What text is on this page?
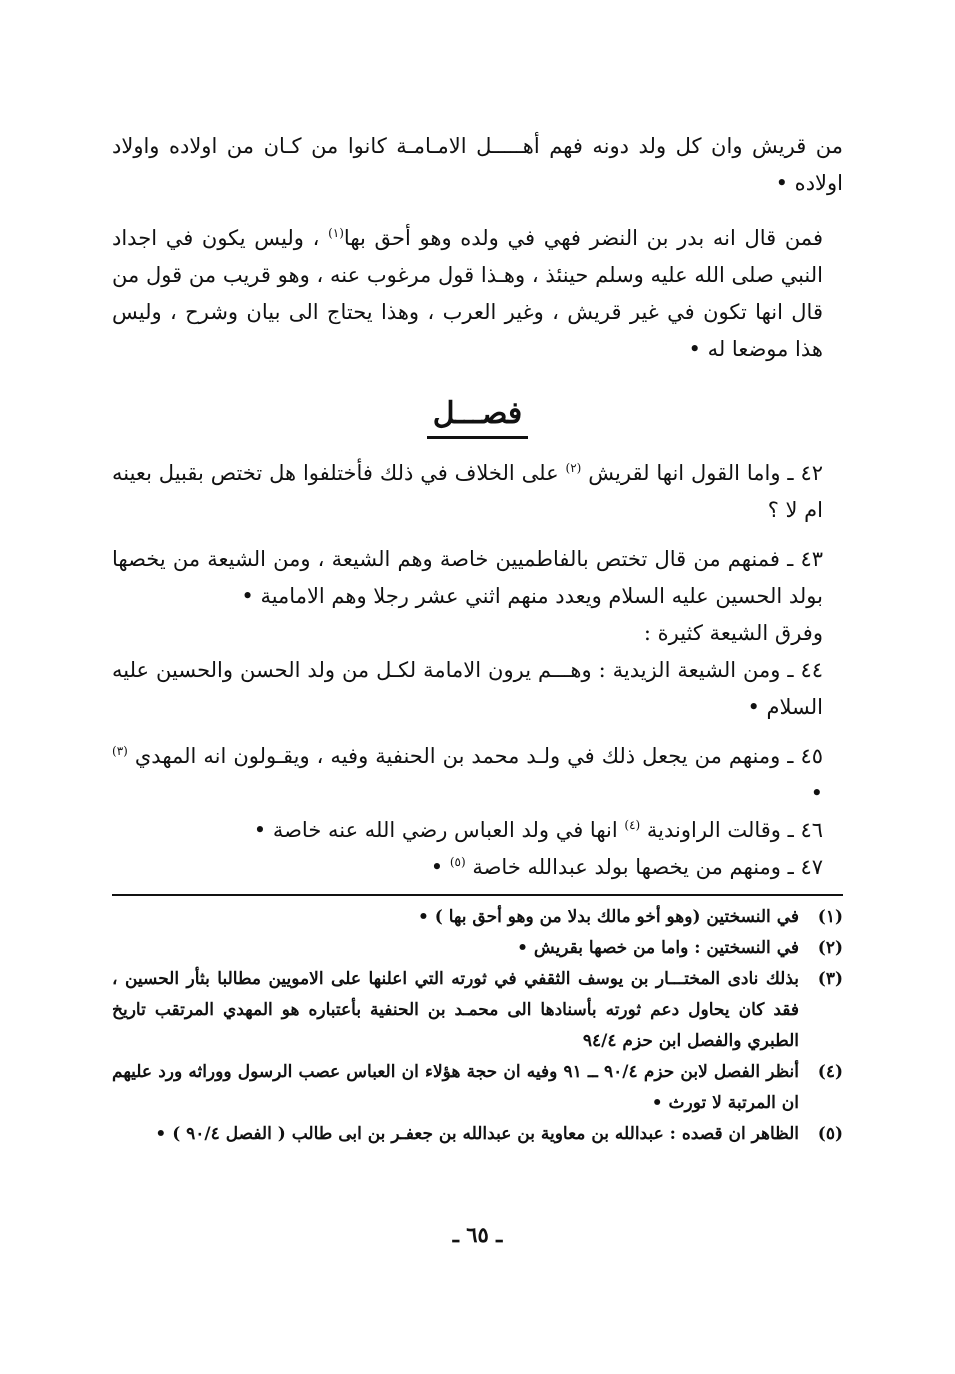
من قريش وان كل ولد دونه فهم أهـــــل الامـامـة كانوا من كـان من اولاده واولاد اولاده •

فمن قال انه بدر بن النضر فهي في ولده وهو أحق بها$^{(١)}$ ، وليس يكون في اجداد النبي صلى الله عليه وسلم حينئذ ، وهـذا قول مرغوب عنه ، وهو قريب من قول من قال انها تكون في غير قريش ، وغير العرب ، وهذا يحتاج الى بيان وشرح ، وليس هذا موضعا له •

فصـــل

٤٢ ـ واما القول انها لقريش $^{(٢)}$ على الخلاف في ذلك فأختلفوا هل تختص بقبيل بعينه ام لا ؟

٤٣ ـ فمنهم من قال تختص بالفاطميين خاصة وهم الشيعة ، ومن الشيعة من يخصها بولد الحسين عليه السلام ويعدد منهم اثني عشر رجلا وهم الامامية •

وفرق الشيعة كثيرة :

٤٤ ـ ومن الشيعة الزيدية : وهـــم يرون الامامة لكـل من ولد الحسن والحسين عليه السلام •

٤٥ ـ ومنهم من يجعل ذلك في ولـد محمد بن الحنفية وفيه ، ويقـولون انه المهدي $^{(٣)}$ •

٤٦ ـ وقالت الراوندية $^{(٤)}$ انها في ولد العباس رضي الله عنه خاصة •

٤٧ ـ ومنهم من يخصها بولد عبدالله خاصة $^{(٥)}$ •

(١)
في النسختين (وهو أخو مالك بدلا من وهو أحق بها ) •
(٢)
في النسختين : واما من خصها بقريش •
(٣)
بذلك نادى المختـــار بن يوسف الثقفي في ثورته التي اعلنها على الامويين مطالبا بثأر الحسين ، فقد كان يحاول دعم ثورته بأسنادها الى محمـد بن الحنفية بأعتباره هو المهدي المرتقب تاريخ الطبري والفصل ابن حزم ٩٤/٤
(٤)
أنظر الفصل لابن حزم ٩٠/٤ ــ ٩١ وفيه ان حجة هؤلاء ان العباس عصب الرسول ووراثه ورد عليهم ان المرتبة لا تورث •
(٥)
الظاهر ان قصده : عبدالله بن معاوية بن عبدالله بن جعفـر بن ابى طالب ( الفصل ٩٠/٤ ) •
ـ ٦٥ ـ
